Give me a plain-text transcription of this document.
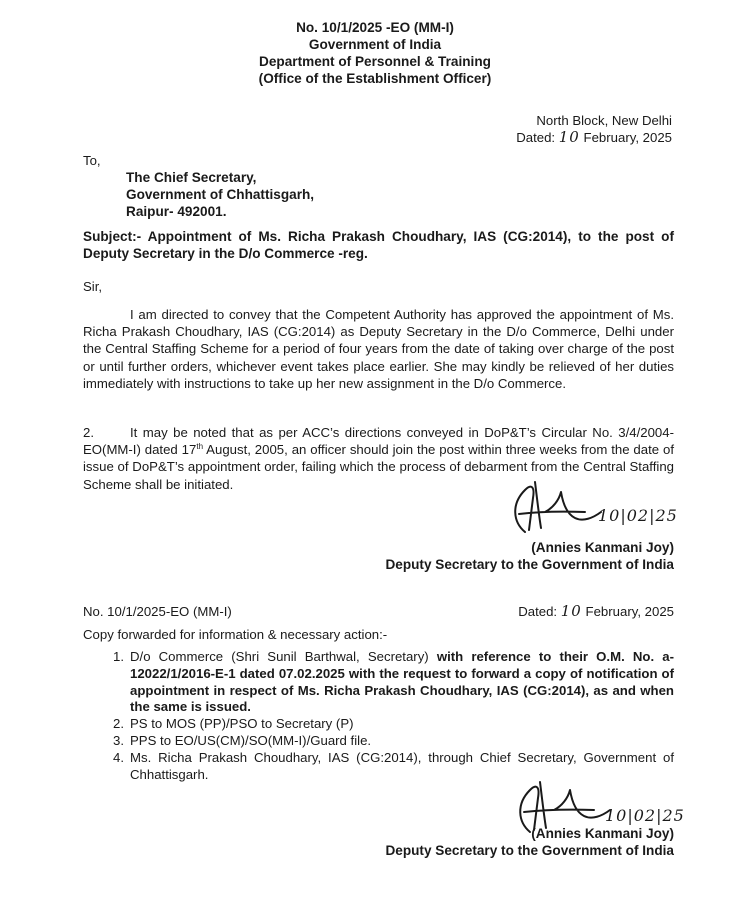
No. 10/1/2025 -EO (MM-I)
Government of India
Department of Personnel & Training
(Office of the Establishment Officer)
North Block, New Delhi
Dated: 10 February, 2025
To,
The Chief Secretary,
Government of Chhattisgarh,
Raipur- 492001.
Subject:- Appointment of Ms. Richa Prakash Choudhary, IAS (CG:2014), to the post of Deputy Secretary in the D/o Commerce -reg.
Sir,
I am directed to convey that the Competent Authority has approved the appointment of Ms. Richa Prakash Choudhary, IAS (CG:2014) as Deputy Secretary in the D/o Commerce, Delhi under the Central Staffing Scheme for a period of four years from the date of taking over charge of the post or until further orders, whichever event takes place earlier. She may kindly be relieved of her duties immediately with instructions to take up her new assignment in the D/o Commerce.
2.	It may be noted that as per ACC’s directions conveyed in DoP&T’s Circular No. 3/4/2004-EO(MM-I) dated 17th August, 2005, an officer should join the post within three weeks from the date of issue of DoP&T’s appointment order, failing which the process of debarment from the Central Staffing Scheme shall be initiated.
10|02|25
(Annies Kanmani Joy)
Deputy Secretary to the Government of India
No. 10/1/2025-EO (MM-I)	Dated: 10 February, 2025
Copy forwarded for information & necessary action:-
1. D/o Commerce (Shri Sunil Barthwal, Secretary) with reference to their O.M. No. a-12022/1/2016-E-1 dated 07.02.2025 with the request to forward a copy of notification of appointment in respect of Ms. Richa Prakash Choudhary, IAS (CG:2014), as and when the same is issued.
2. PS to MOS (PP)/PSO to Secretary (P)
3. PPS to EO/US(CM)/SO(MM-I)/Guard file.
4. Ms. Richa Prakash Choudhary, IAS (CG:2014), through Chief Secretary, Government of Chhattisgarh.
10|02|25
(Annies Kanmani Joy)
Deputy Secretary to the Government of India
